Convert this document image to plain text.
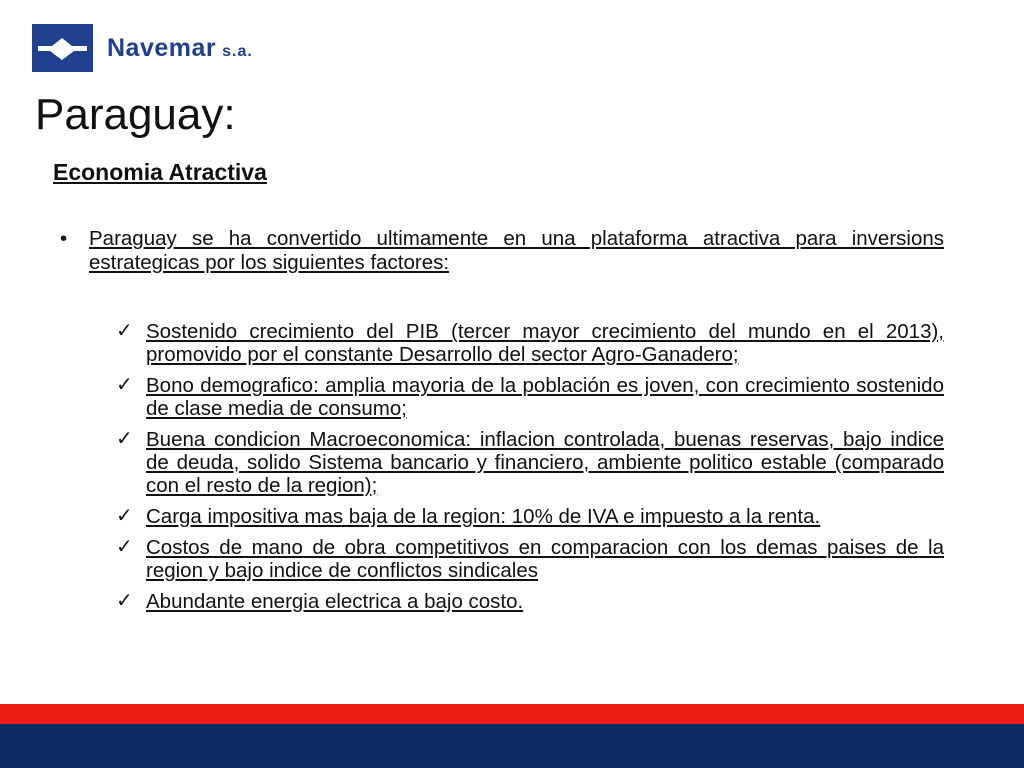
Navemar s.a.
Paraguay:
Economia Atractiva
• Paraguay se ha convertido ultimamente en una plataforma atractiva para inversions estrategicas por los siguientes factores:
✓ Sostenido crecimiento del PIB (tercer mayor crecimiento del mundo en el 2013), promovido por el constante Desarrollo del sector Agro-Ganadero;
✓ Bono demografico: amplia mayoria de la población es joven, con crecimiento sostenido de clase media de consumo;
✓ Buena condicion Macroeconomica: inflacion controlada, buenas reservas, bajo indice de deuda, solido Sistema bancario y financiero, ambiente politico estable (comparado con el resto de la region);
✓ Carga impositiva mas baja de la region: 10% de IVA e impuesto a la renta.
✓ Costos de mano de obra competitivos en comparacion con los demas paises de la region y bajo indice de conflictos sindicales
✓ Abundante energia electrica a bajo costo.
